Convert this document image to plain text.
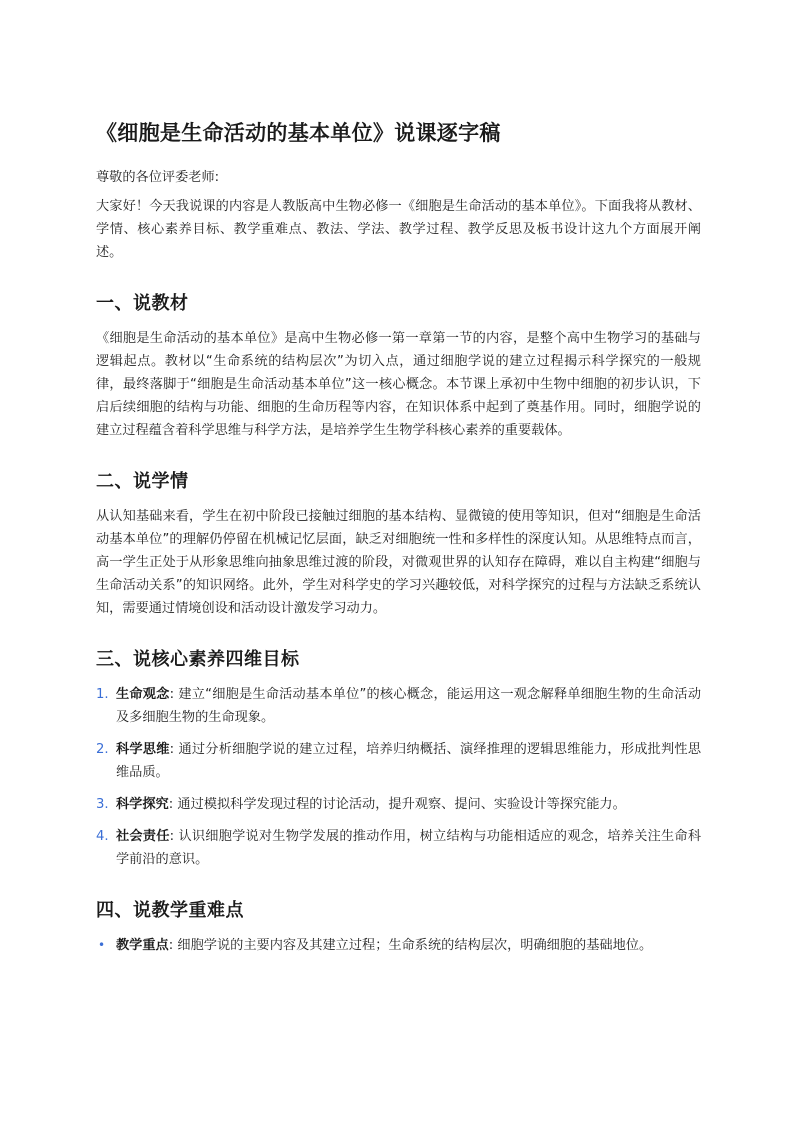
《细胞是生命活动的基本单位》说课逐字稿

尊敬的各位评委老师:

大家好！今天我说课的内容是人教版高中生物必修一《细胞是生命活动的基本单位》。下面我将从教材、学情、核心素养目标、教学重难点、教法、学法、教学过程、教学反思及板书设计这九个方面展开阐述。

一、说教材

《细胞是生命活动的基本单位》是高中生物必修一第一章第一节的内容，是整个高中生物学习的基础与逻辑起点。教材以“生命系统的结构层次”为切入点，通过细胞学说的建立过程揭示科学探究的一般规律，最终落脚于“细胞是生命活动基本单位”这一核心概念。本节课上承初中生物中细胞的初步认识，下启后续细胞的结构与功能、细胞的生命历程等内容，在知识体系中起到了奠基作用。同时，细胞学说的建立过程蕴含着科学思维与科学方法，是培养学生生物学科核心素养的重要载体。

二、说学情

从认知基础来看，学生在初中阶段已接触过细胞的基本结构、显微镜的使用等知识，但对“细胞是生命活动基本单位”的理解仍停留在机械记忆层面，缺乏对细胞统一性和多样性的深度认知。从思维特点而言，高一学生正处于从形象思维向抽象思维过渡的阶段，对微观世界的认知存在障碍，难以自主构建“细胞与生命活动关系”的知识网络。此外，学生对科学史的学习兴趣较低，对科学探究的过程与方法缺乏系统认知，需要通过情境创设和活动设计激发学习动力。

三、说核心素养四维目标
1. 生命观念: 建立“细胞是生命活动基本单位”的核心概念，能运用这一观念解释单细胞生物的生命活动及多细胞生物的生命现象。
2. 科学思维: 通过分析细胞学说的建立过程，培养归纳概括、演绎推理的逻辑思维能力，形成批判性思维品质。
3. 科学探究: 通过模拟科学发现过程的讨论活动，提升观察、提问、实验设计等探究能力。
4. 社会责任: 认识细胞学说对生物学发展的推动作用，树立结构与功能相适应的观念，培养关注生命科学前沿的意识。
四、说教学重难点
• 教学重点: 细胞学说的主要内容及其建立过程；生命系统的结构层次，明确细胞的基础地位。
